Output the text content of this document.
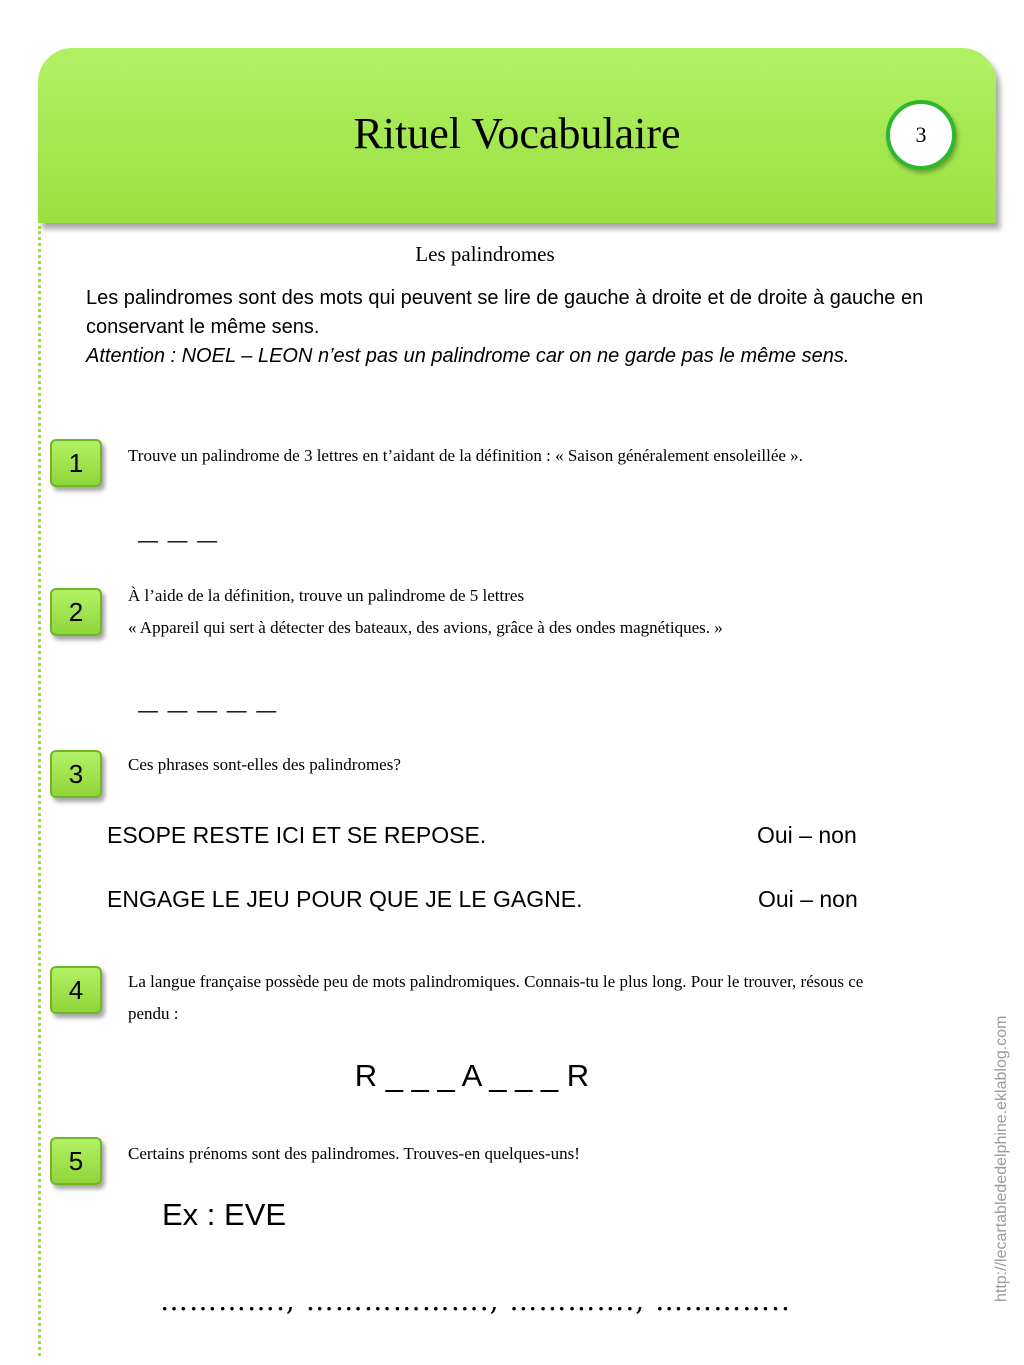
Rituel Vocabulaire	3
Les palindromes
Les palindromes sont des mots qui peuvent se lire de gauche à droite et de droite à gauche en conservant le même sens.
Attention : NOEL – LEON n’est pas un palindrome car on ne garde pas le même sens.
1	Trouve un palindrome de 3 lettres en t’aidant de la définition : « Saison généralement ensoleillée ».
— — —
2
À l’aide de la définition, trouve un palindrome de 5 lettres
« Appareil qui sert à détecter des bateaux, des avions, grâce à des ondes magnétiques. »
— — — — —
3	Ces phrases sont-elles des palindromes?
ESOPE RESTE ICI ET SE REPOSE.	Oui – non
ENGAGE LE JEU POUR QUE JE LE GAGNE.	Oui – non
4	La langue française possède peu de mots palindromiques. Connais-tu le plus long. Pour le trouver, résous ce pendu :
R _ _ _ A _ _ _ R
5	Certains prénoms sont des palindromes. Trouves-en quelques-uns!
Ex : EVE
…………., ………………., …………., …………..	http://lecartablededelphine.eklablog.com
